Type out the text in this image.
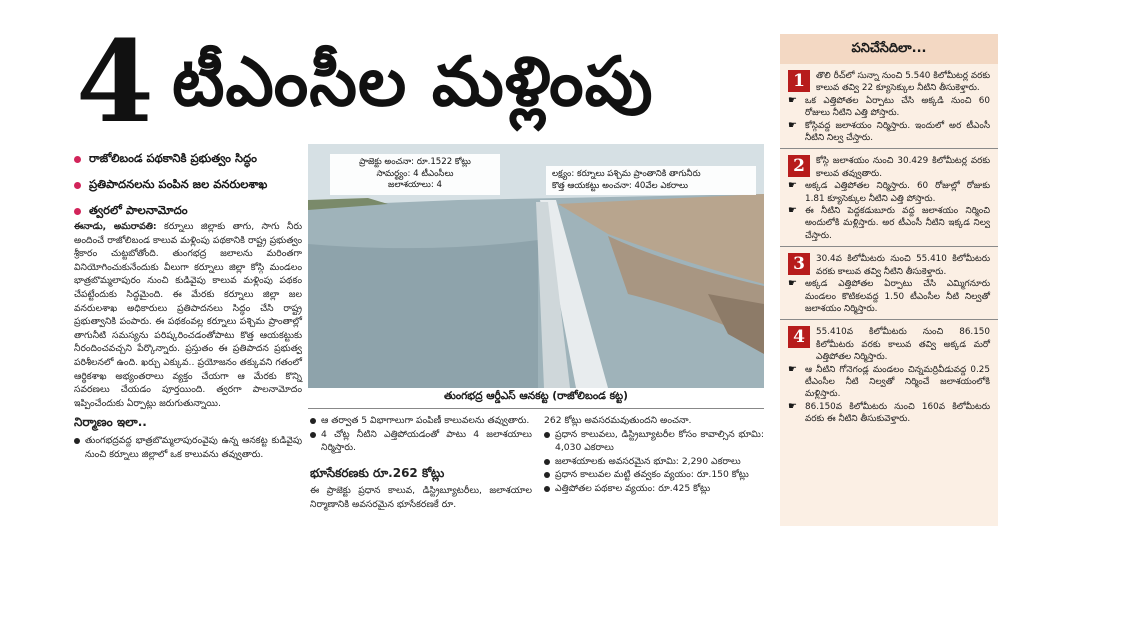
4 టీఎంసీల మళ్లింపు
రాజోలిబండ పథకానికి ప్రభుత్వం సిద్ధం
ప్రతిపాదనలను పంపిన జల వనరులశాఖ
త్వరలో పాలనామోదం

ఈనాడు, అమరావతి: కర్నూలు జిల్లాకు తాగు, సాగు నీరు అందించే రాజోలిబండ కాలువ మళ్లింపు పథకానికి రాష్ట్ర ప్రభుత్వం శ్రీకారం చుట్టబోతోంది. తుంగభద్ర జలాలను మరింతగా వినియోగించుకునేందుకు వీలుగా కర్నూలు జిల్లా కోస్గి మండలం భాత్రబొమ్మలాపురం నుంచి కుడివైపు కాలువ మళ్లింపు పథకం చేపట్టేందుకు సిద్ధమైంది. ఈ మేరకు కర్నూలు జిల్లా జల వనరులశాఖ అధికారులు ప్రతిపాదనలు సిద్ధం చేసి రాష్ట్ర ప్రభుత్వానికి పంపారు. ఈ పథకంవల్ల కర్నూలు పశ్చిమ ప్రాంతాల్లో తాగునీటి సమస్యను పరిష్కరించడంతోపాటు కొత్త ఆయకట్టుకు నీరందించవచ్చని పేర్కొన్నారు. ప్రస్తుతం ఈ ప్రతిపాదన ప్రభుత్వ పరిశీలనలో ఉంది. ఖర్చు ఎక్కువ.. ప్రయోజనం తక్కువని గతంలో ఆర్థికశాఖ అభ్యంతరాలు వ్యక్తం చేయగా ఆ మేరకు కొన్ని సవరణలు చేయడం పూర్తయింది. త్వరగా పాలనామోదం ఇప్పించేందుకు ఏర్పాట్లు జరుగుతున్నాయి.

నిర్మాణం ఇలా..
తుంగభద్రవద్ద భాత్రబొమ్మలాపురంవైపు ఉన్న ఆనకట్ట కుడివైపు నుంచి కర్నూలు జిల్లాలో ఒక కాలువను తవ్వుతారు.
ప్రాజెక్టు అంచనా: రూ.1522 కోట్లు
సామర్థ్యం: 4 టీఎంసీలు
జలాశయాలు: 4
లక్ష్యం: కర్నూలు పశ్చిమ ప్రాంతానికి తాగునీరు
కొత్త ఆయకట్టు అంచనా: 40వేల ఎకరాలు
తుంగభద్ర ఆర్డీఎస్ ఆనకట్ట (రాజోలిబండ కట్ట)
ఆ తర్వాత 5 విభాగాలుగా పంపిణీ కాలువలను తవ్వుతారు.
4 చోట్ల నీటిని ఎత్తిపోయడంతో పాటు 4 జలాశయాలు నిర్మిస్తారు.
భూసేకరణకు రూ.262 కోట్లు

ఈ ప్రాజెక్టు ప్రధాన కాలువ, డిస్ట్రిబ్యూటరీలు, జలాశయాల నిర్మాణానికి అవసరమైన భూసేకరణకే రూ.

262 కోట్లు అవసరమవుతుందని అంచనా.

ప్రధాన కాలువలు, డిస్ట్రిబ్యూటరీల కోసం కావాల్సిన భూమి: 4,030 ఎకరాలు
జలాశయాలకు అవసరమైన భూమి: 2,290 ఎకరాలు
ప్రధాన కాలువల మట్టి తవ్వకం వ్యయం: రూ.150 కోట్లు
ఎత్తిపోతల పథకాల వ్యయం: రూ.425 కోట్లు
పనిచేసేదిలా...
1	తొలి రీచ్‌లో సున్నా నుంచి 5.540 కిలోమీటర్ల వరకు కాలువ తవ్వి 22 క్యూసెక్కుల నీటిని తీసుకెళ్తారు.
☛ ఒక ఎత్తిపోతల ఏర్పాటు చేసి అక్కడి నుంచి 60 రోజులు నీటిని ఎత్తి పోస్తారు.
☛ కోస్గివద్ద జలాశయం నిర్మిస్తారు. ఇందులో అర టీఎంసీ నీటిని నిల్వ చేస్తారు.
2	కోస్గి జలాశయం నుంచి 30.429 కిలోమీటర్ల వరకు కాలువ తవ్వుతారు.
☛ అక్కడ ఎత్తిపోతల నిర్మిస్తారు. 60 రోజుల్లో రోజుకు 1.81 క్యూసెక్కుల నీటిని ఎత్తి పోస్తారు.
☛ ఈ నీటిని పెద్దకడుబూరు వద్ద జలాశయం నిర్మించి అందులోకి మళ్లిస్తారు. అర టీఎంసీ నీటిని ఇక్కడ నిల్వ చేస్తారు.
3	30.4వ కిలోమీటరు నుంచి 55.410 కిలోమీటరు వరకు కాలువ తవ్వి నీటిని తీసుకెళ్తారు.
☛ అక్కడ ఎత్తిపోతల ఏర్పాటు చేసి ఎమ్మిగనూరు మండలం కొటికలవద్ద 1.50 టీఎంసీల నీటి నిల్వతో జలాశయం నిర్మిస్తారు.
4	55.410వ కిలోమీటరు నుంచి 86.150 కిలోమీటరు వరకు కాలువ తవ్వి అక్కడ మరో ఎత్తిపోతల నిర్మిస్తారు.
☛ ఆ నీటిని గోనెగండ్ల మండలం చిన్నమర్రివీడువద్ద 0.25 టీఎంసీల నీటి నిల్వతో నిర్మించే జలాశయంలోకి మళ్లిస్తారు.
☛ 86.150వ కిలోమీటరు నుంచి 160వ కిలోమీటరు వరకు ఈ నీటిని తీసుకువెళ్తారు.
